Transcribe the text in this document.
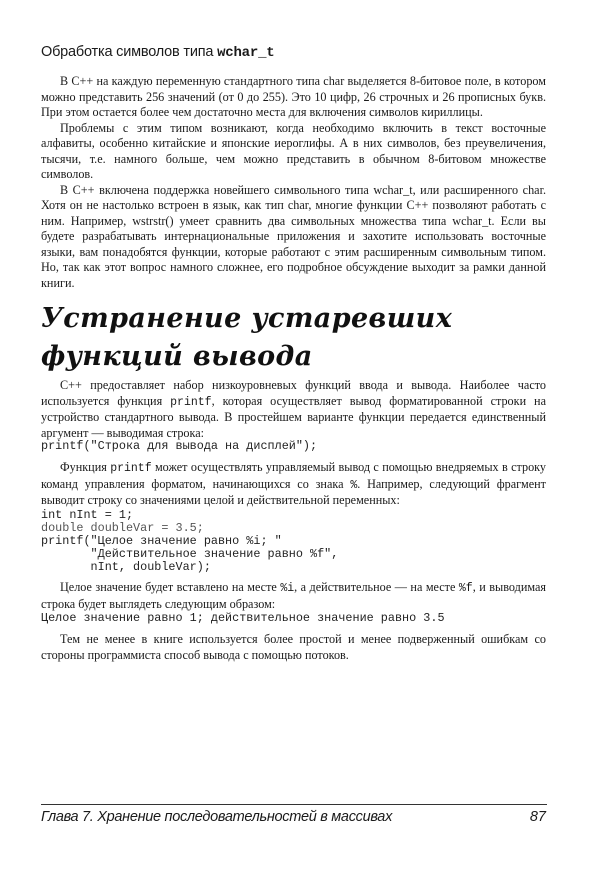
Обработка символов типа wchar_t

В С++ на каждую переменную стандартного типа char выделяется 8-битовое поле, в котором можно представить 256 значений (от 0 до 255). Это 10 цифр, 26 строчных и 26 прописных букв. При этом остается более чем достаточно места для включения символов кириллицы.

Проблемы с этим типом возникают, когда необходимо включить в текст восточные алфавиты, особенно китайские и японские иероглифы. А в них символов, без преувеличения, тысячи, т.е. намного больше, чем можно представить в обычном 8-битовом множестве символов.

В С++ включена поддержка новейшего символьного типа wchar_t, или расширенного char. Хотя он не настолько встроен в язык, как тип char, многие функции С++ позволяют работать с ним. Например, wstrstr() умеет сравнить два символьных множества типа wchar_t. Если вы будете разрабатывать интернациональные приложения и захотите использовать восточные языки, вам понадобятся функции, которые работают с этим расширенным символьным типом. Но, так как этот вопрос намного сложнее, его подробное обсуждение выходит за рамки данной книги.

Устранение устаревших
функций вывода

С++ предоставляет набор низкоуровневых функций ввода и вывода. Наиболее часто используется функция printf, которая осуществляет вывод форматированной строки на устройство стандартного вывода. В простейшем варианте функции передается единственный аргумент — выводимая строка:

printf("Строка для вывода на дисплей");

Функция printf может осуществлять управляемый вывод с помощью внедряемых в строку команд управления форматом, начинающихся со знака %. Например, следующий фрагмент выводит строку со значениями целой и действительной переменных:

int nInt = 1;
double doubleVar = 3.5;
printf("Целое значение равно %i; "
"Действительное значение равно %f",
nInt, doubleVar);

Целое значение будет вставлено на месте %i, а действительное — на месте %f, и выводимая строка будет выглядеть следующим образом:

Целое значение равно 1; действительное значение равно 3.5

Тем не менее в книге используется более простой и менее подверженный ошибкам со стороны программиста способ вывода с помощью потоков.

Глава 7. Хранение последовательностей в массивах	87
